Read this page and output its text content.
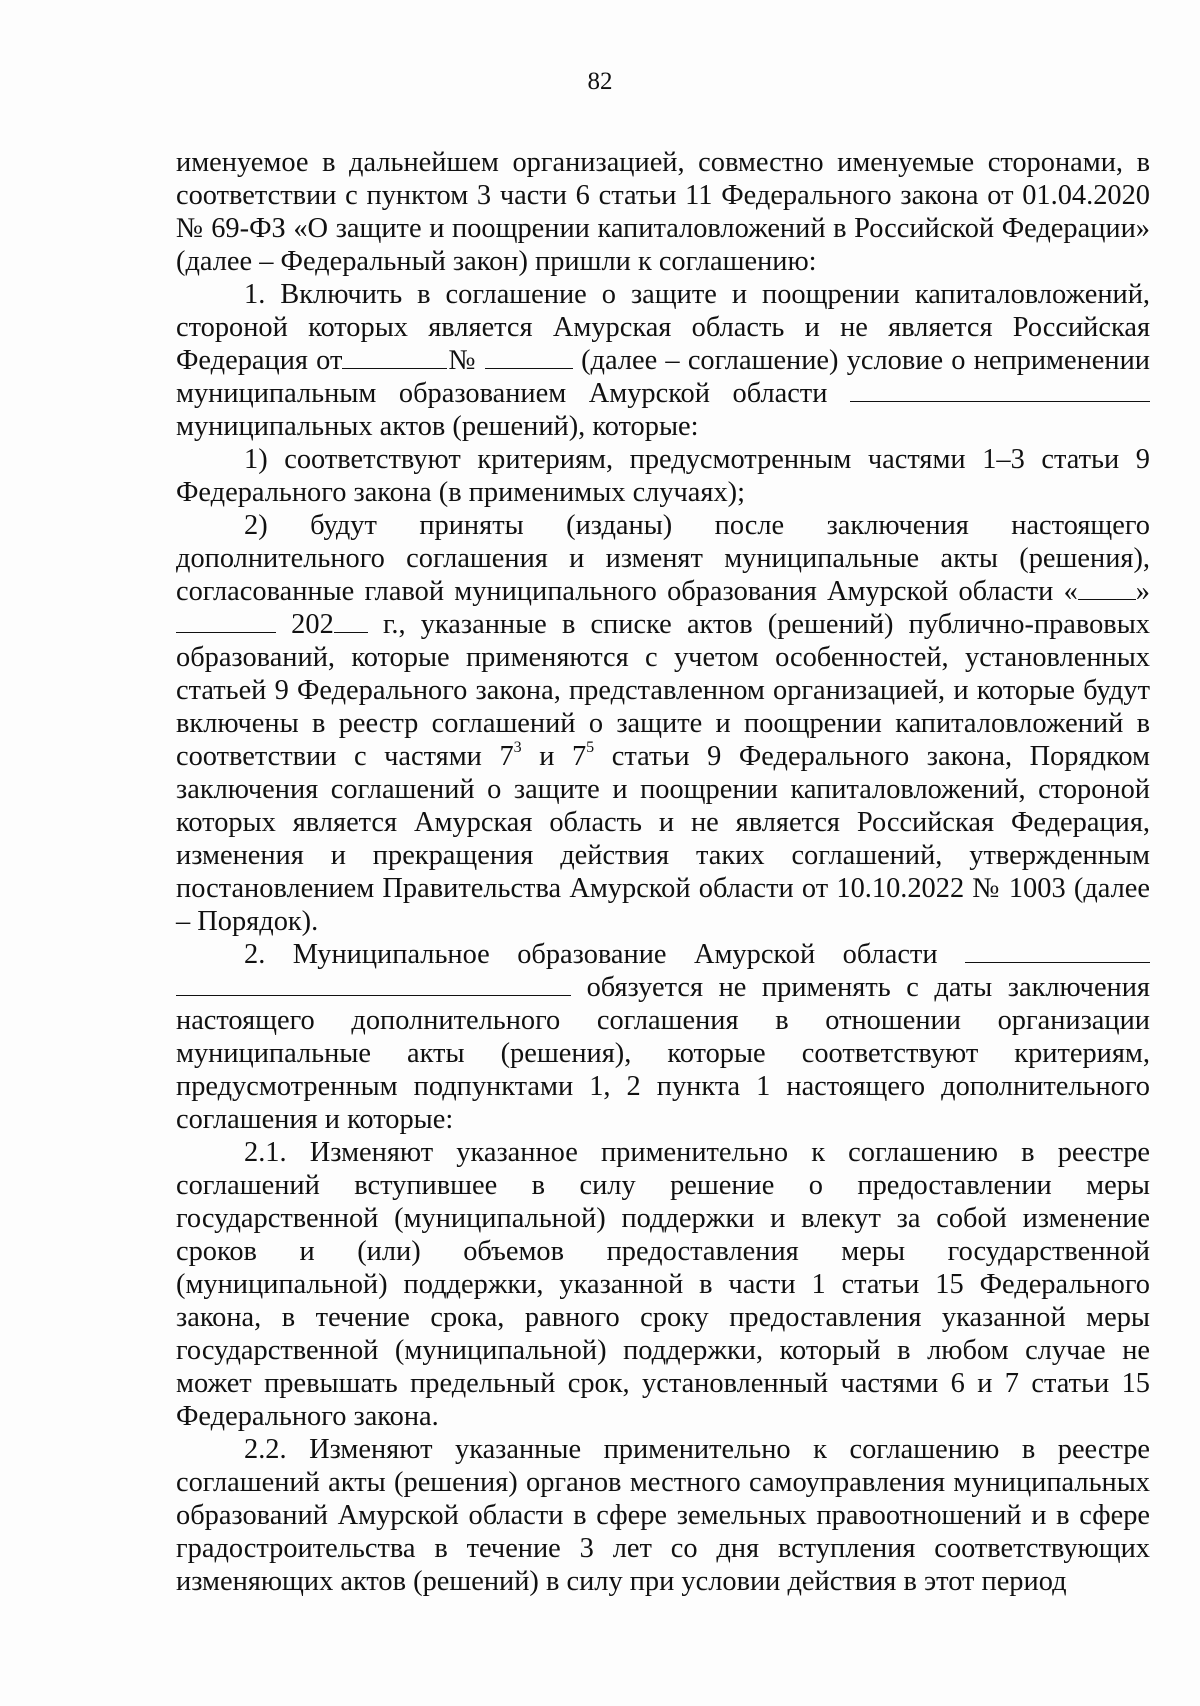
82

именуемое в дальнейшем организацией, совместно именуемые сторонами, в соответствии с пунктом 3 части 6 статьи 11 Федерального закона от 01.04.2020 № 69-ФЗ «О защите и поощрении капиталовложений в Российской Федерации» (далее – Федеральный закон) пришли к соглашению:

1. Включить в соглашение о защите и поощрении капиталовложений, стороной которых является Амурская область и не является Российская Федерация от	№	(далее – соглашение) условие о неприменении муниципальным образованием Амурской области  муниципальных актов (решений), которые:

1) соответствуют критериям, предусмотренным частями 1–3 статьи 9 Федерального закона (в применимых случаях);

2) будут приняты (изданы) после заключения настоящего дополнительного соглашения и изменят муниципальные акты (решения), согласованные главой муниципального образования Амурской области « »  202 г., указанные в списке актов (решений) публично-правовых образований, которые применяются с учетом особенностей, установленных статьей 9 Федерального закона, представленном организацией, и которые будут включены в реестр соглашений о защите и поощрении капиталовложений в соответствии с частями $7^3$ и $7^5$ статьи 9 Федерального закона, Порядком заключения соглашений о защите и поощрении капиталовложений, стороной которых является Амурская область и не является Российская Федерация, изменения и прекращения действия таких соглашений, утвержденным постановлением Правительства Амурской области от 10.10.2022 № 1003 (далее – Порядок).

2. Муниципальное образование Амурской области   обязуется не применять с даты заключения настоящего дополнительного соглашения в отношении организации муниципальные акты (решения), которые соответствуют критериям, предусмотренным подпунктами 1, 2 пункта 1 настоящего дополнительного соглашения и которые:

2.1. Изменяют указанное применительно к соглашению в реестре соглашений вступившее в силу решение о предоставлении меры государственной (муниципальной) поддержки и влекут за собой изменение сроков и (или) объемов предоставления меры государственной (муниципальной) поддержки, указанной в части 1 статьи 15 Федерального закона, в течение срока, равного сроку предоставления указанной меры государственной (муниципальной) поддержки, который в любом случае не может превышать предельный срок, установленный частями 6 и 7 статьи 15 Федерального закона.

2.2. Изменяют указанные применительно к соглашению в реестре соглашений акты (решения) органов местного самоуправления муниципальных образований Амурской области в сфере земельных правоотношений и в сфере градостроительства в течение 3 лет со дня вступления соответствующих изменяющих актов (решений) в силу при условии действия в этот период
